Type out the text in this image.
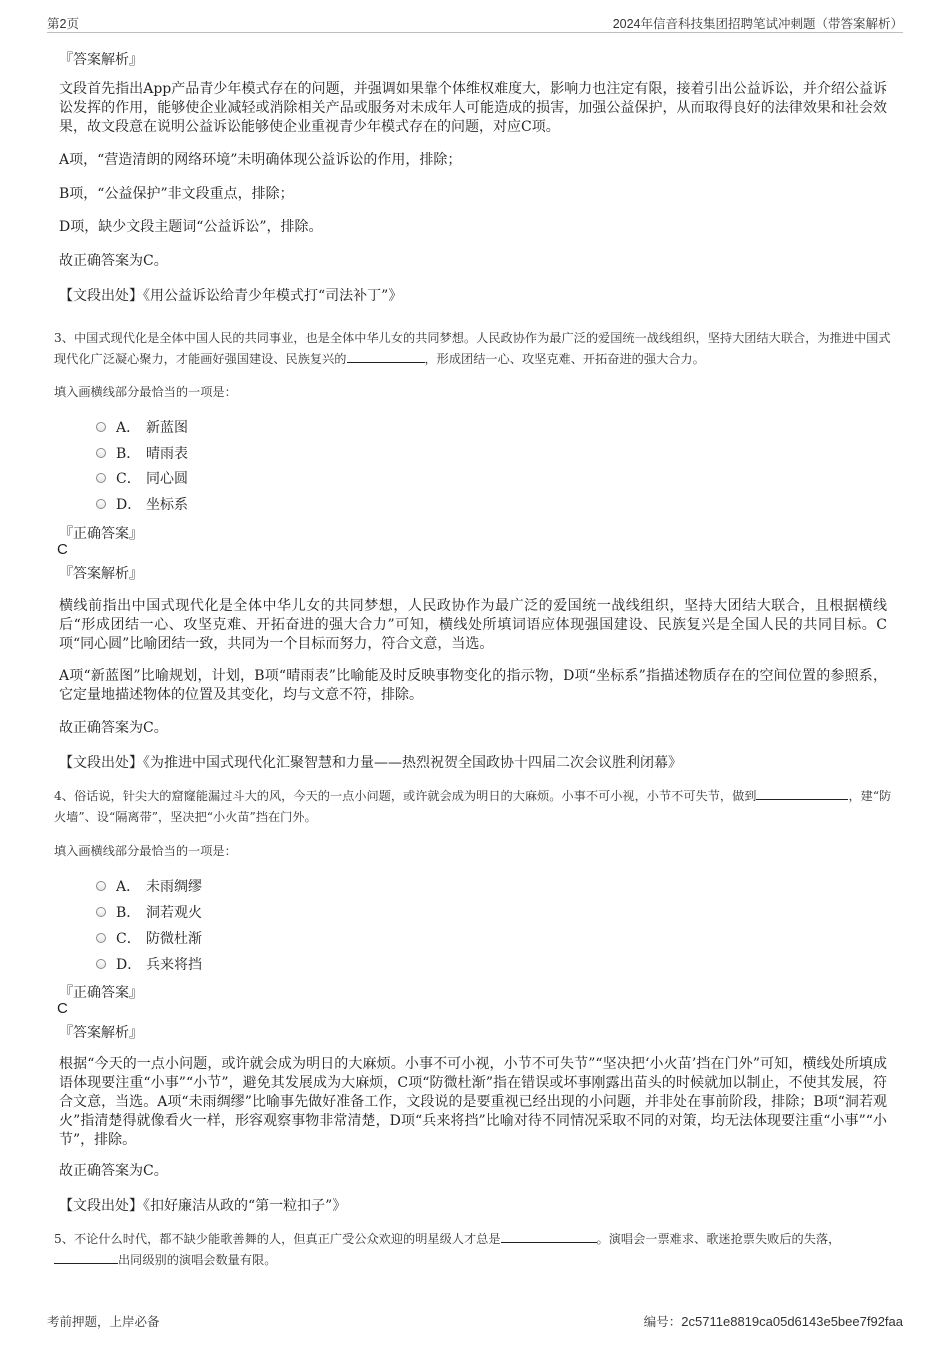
第2页	2024年信音科技集团招聘笔试冲刺题（带答案解析）
『答案解析』
文段首先指出App产品青少年模式存在的问题，并强调如果靠个体维权难度大，影响力也注定有限，接着引出公益诉讼，并介绍公益诉讼发挥的作用，能够使企业减轻或消除相关产品或服务对未成年人可能造成的损害，加强公益保护，从而取得良好的法律效果和社会效果，故文段意在说明公益诉讼能够使企业重视青少年模式存在的问题，对应C项。
A项，“营造清朗的网络环境”未明确体现公益诉讼的作用，排除；
B项，“公益保护”非文段重点，排除；
D项，缺少文段主题词“公益诉讼”，排除。
故正确答案为C。
【文段出处】《用公益诉讼给青少年模式打“司法补丁”》
3、中国式现代化是全体中国人民的共同事业，也是全体中华儿女的共同梦想。人民政协作为最广泛的爱国统一战线组织，坚持大团结大联合，为推进中国式现代化广泛凝心聚力，才能画好强国建设、民族复兴的	，形成团结一心、攻坚克难、开拓奋进的强大合力。
填入画横线部分最恰当的一项是：
A． 新蓝图
B． 晴雨表
C． 同心圆
D． 坐标系
『正确答案』
C
『答案解析』
横线前指出中国式现代化是全体中华儿女的共同梦想，人民政协作为最广泛的爱国统一战线组织，坚持大团结大联合，且根据横线后“形成团结一心、攻坚克难、开拓奋进的强大合力”可知，横线处所填词语应体现强国建设、民族复兴是全国人民的共同目标。C项“同心圆”比喻团结一致，共同为一个目标而努力，符合文意，当选。
A项“新蓝图”比喻规划，计划，B项“晴雨表”比喻能及时反映事物变化的指示物，D项“坐标系”指描述物质存在的空间位置的参照系，它定量地描述物体的位置及其变化，均与文意不符，排除。
故正确答案为C。
【文段出处】《为推进中国式现代化汇聚智慧和力量——热烈祝贺全国政协十四届二次会议胜利闭幕》
4、俗话说，针尖大的窟窿能漏过斗大的风，今天的一点小问题，或许就会成为明日的大麻烦。小事不可小视，小节不可失节，做到	，建“防火墙”、设“隔离带”，坚决把“小火苗”挡在门外。
填入画横线部分最恰当的一项是：
A． 未雨绸缪
B． 洞若观火
C． 防微杜渐
D． 兵来将挡
『正确答案』
C
『答案解析』
根据“今天的一点小问题，或许就会成为明日的大麻烦。小事不可小视，小节不可失节”“坚决把‘小火苗’挡在门外”可知，横线处所填成语体现要注重“小事”“小节”，避免其发展成为大麻烦，C项“防微杜渐”指在错误或坏事刚露出苗头的时候就加以制止，不使其发展，符合文意，当选。A项“未雨绸缪”比喻事先做好准备工作，文段说的是要重视已经出现的小问题，并非处在事前阶段，排除；B项“洞若观火”指清楚得就像看火一样，形容观察事物非常清楚，D项“兵来将挡”比喻对待不同情况采取不同的对策，均无法体现要注重“小事”“小节”，排除。
故正确答案为C。
【文段出处】《扣好廉洁从政的“第一粒扣子”》
5、不论什么时代，都不缺少能歌善舞的人，但真正广受公众欢迎的明星级人才总是	。演唱会一票难求、歌迷抢票失败后的失落，出同级别的演唱会数量有限。
考前押题，上岸必备	编号：2c5711e8819ca05d6143e5bee7f92faa
